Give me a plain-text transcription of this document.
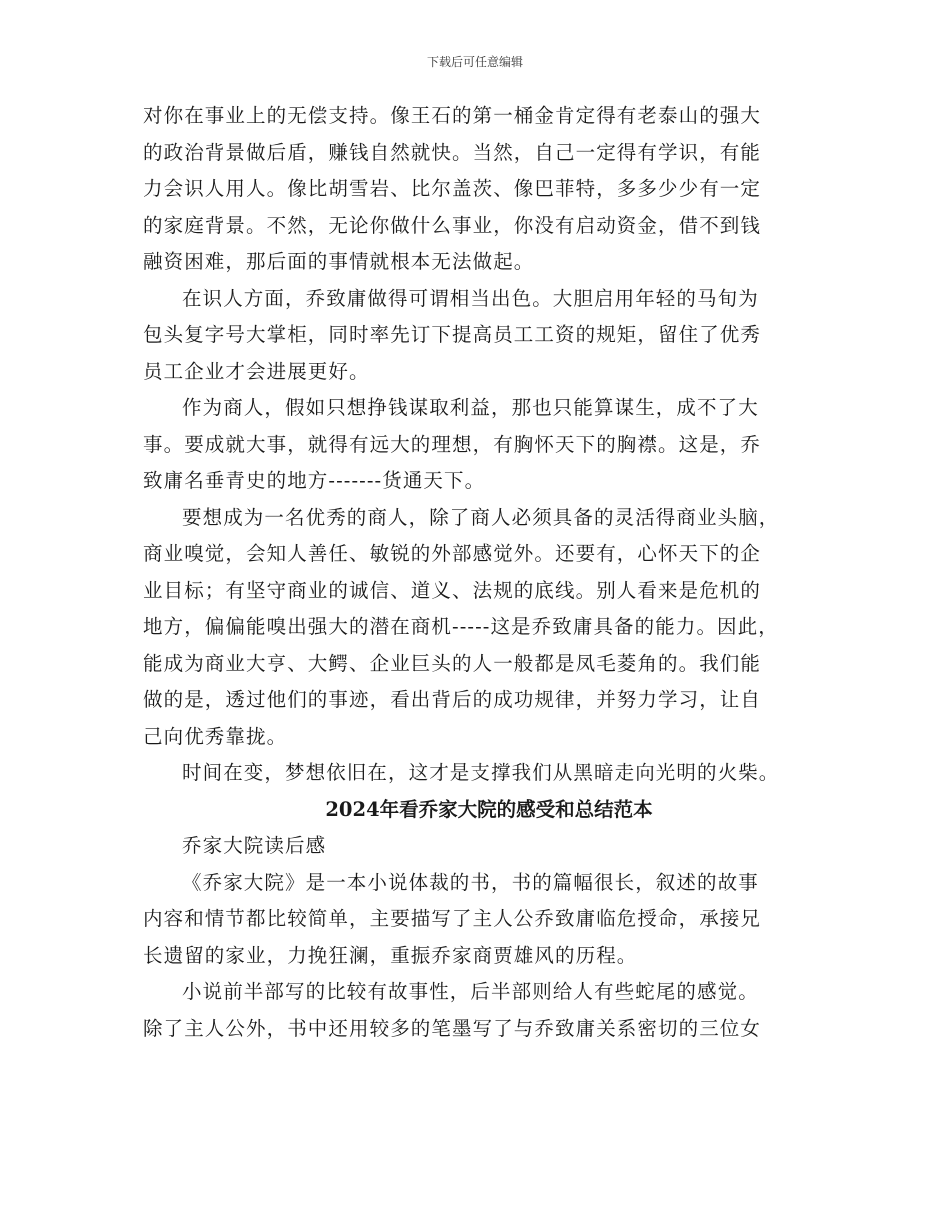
下载后可任意编辑

对你在事业上的无偿支持。像王石的第一桶金肯定得有老泰山的强大
的政治背景做后盾，赚钱自然就快。当然，自己一定得有学识，有能
力会识人用人。像比胡雪岩、比尔盖茨、像巴菲特，多多少少有一定
的家庭背景。不然，无论你做什么事业，你没有启动资金，借不到钱
融资困难，那后面的事情就根本无法做起。

在识人方面，乔致庸做得可谓相当出色。大胆启用年轻的马旬为
包头复字号大掌柜，同时率先订下提高员工工资的规矩，留住了优秀
员工企业才会进展更好。

作为商人，假如只想挣钱谋取利益，那也只能算谋生，成不了大
事。要成就大事，就得有远大的理想，有胸怀天下的胸襟。这是，乔
致庸名垂青史的地方-------货通天下。

要想成为一名优秀的商人，除了商人必须具备的灵活得商业头脑，
商业嗅觉，会知人善任、敏锐的外部感觉外。还要有，心怀天下的企
业目标；有坚守商业的诚信、道义、法规的底线。别人看来是危机的
地方，偏偏能嗅出强大的潜在商机-----这是乔致庸具备的能力。因此，
能成为商业大亨、大鳄、企业巨头的人一般都是凤毛菱角的。我们能
做的是，透过他们的事迹，看出背后的成功规律，并努力学习，让自
己向优秀靠拢。

时间在变，梦想依旧在，这才是支撑我们从黑暗走向光明的火柴。

2024年看乔家大院的感受和总结范本

乔家大院读后感

《乔家大院》是一本小说体裁的书，书的篇幅很长，叙述的故事
内容和情节都比较简单，主要描写了主人公乔致庸临危授命，承接兄
长遗留的家业，力挽狂澜，重振乔家商贾雄风的历程。

小说前半部写的比较有故事性，后半部则给人有些蛇尾的感觉。
除了主人公外，书中还用较多的笔墨写了与乔致庸关系密切的三位女
